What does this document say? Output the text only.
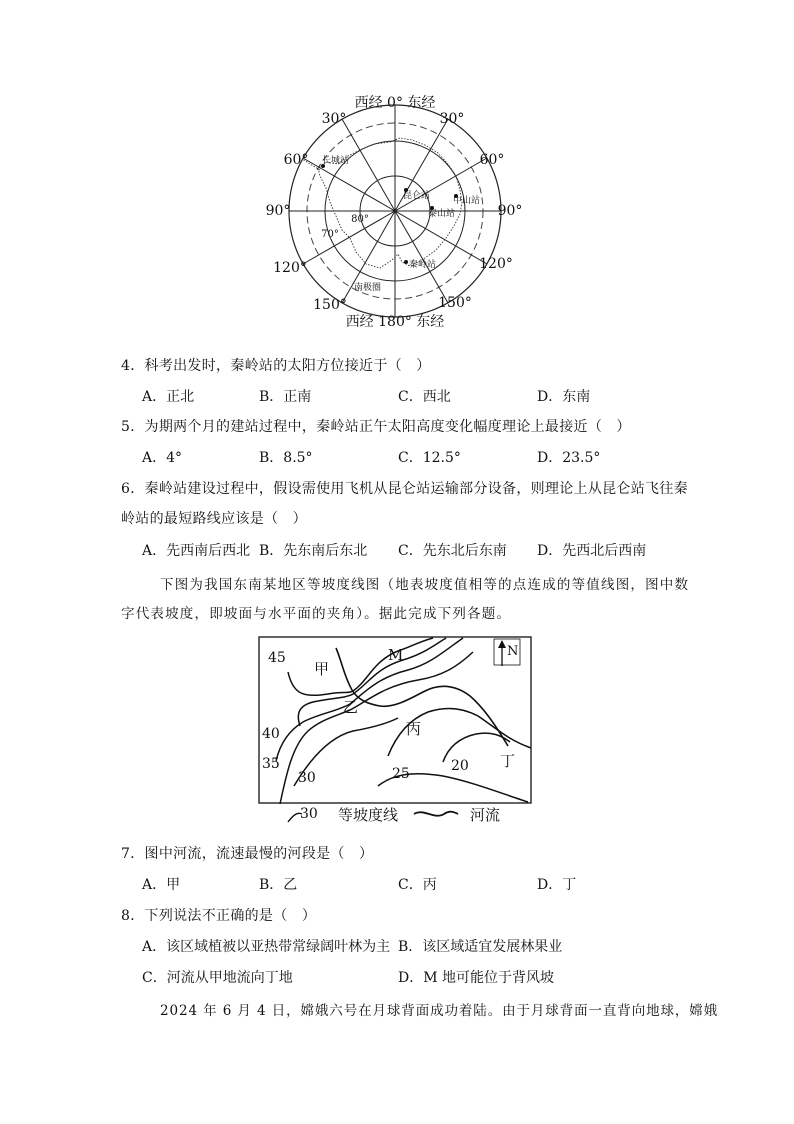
西经 0° 东经
西经 180° 东经
30°	30°
60°	60°
90°	90°
120°	120°
150°	150°
80°
70°
长城站
昆仑站	中山站
泰山站
秦岭站
南极圈
4．科考出发时，秦岭站的太阳方位接近于（　）
A．正北	B．正南	C．西北	D．东南
5．为期两个月的建站过程中，秦岭站正午太阳高度变化幅度理论上最接近（　）
A．4°	B．8.5°	C．12.5°	D．23.5°
6．秦岭站建设过程中，假设需使用飞机从昆仑站运输部分设备，则理论上从昆仑站飞往秦
岭站的最短路线应该是（　）
A．先西南后西北 B．先东南后东北 C．先东北后东南 D．先西北后西南
下图为我国东南某地区等坡度线图（地表坡度值相等的点连成的等值线图，图中数
字代表坡度，即坡面与水平面的夹角）。据此完成下列各题。
45
40
35
30	25	20
甲
乙
丙
丁
M	N
30 等坡度线	河流
7．图中河流，流速最慢的河段是（　）
A．甲	B．乙	C．丙	D．丁
8．下列说法不正确的是（　）
A．该区域植被以亚热带常绿阔叶林为主 B．该区域适宜发展林果业
C．河流从甲地流向丁地	D．M 地可能位于背风坡
2024 年 6 月 4 日，嫦娥六号在月球背面成功着陆。由于月球背面一直背向地球，嫦娥
